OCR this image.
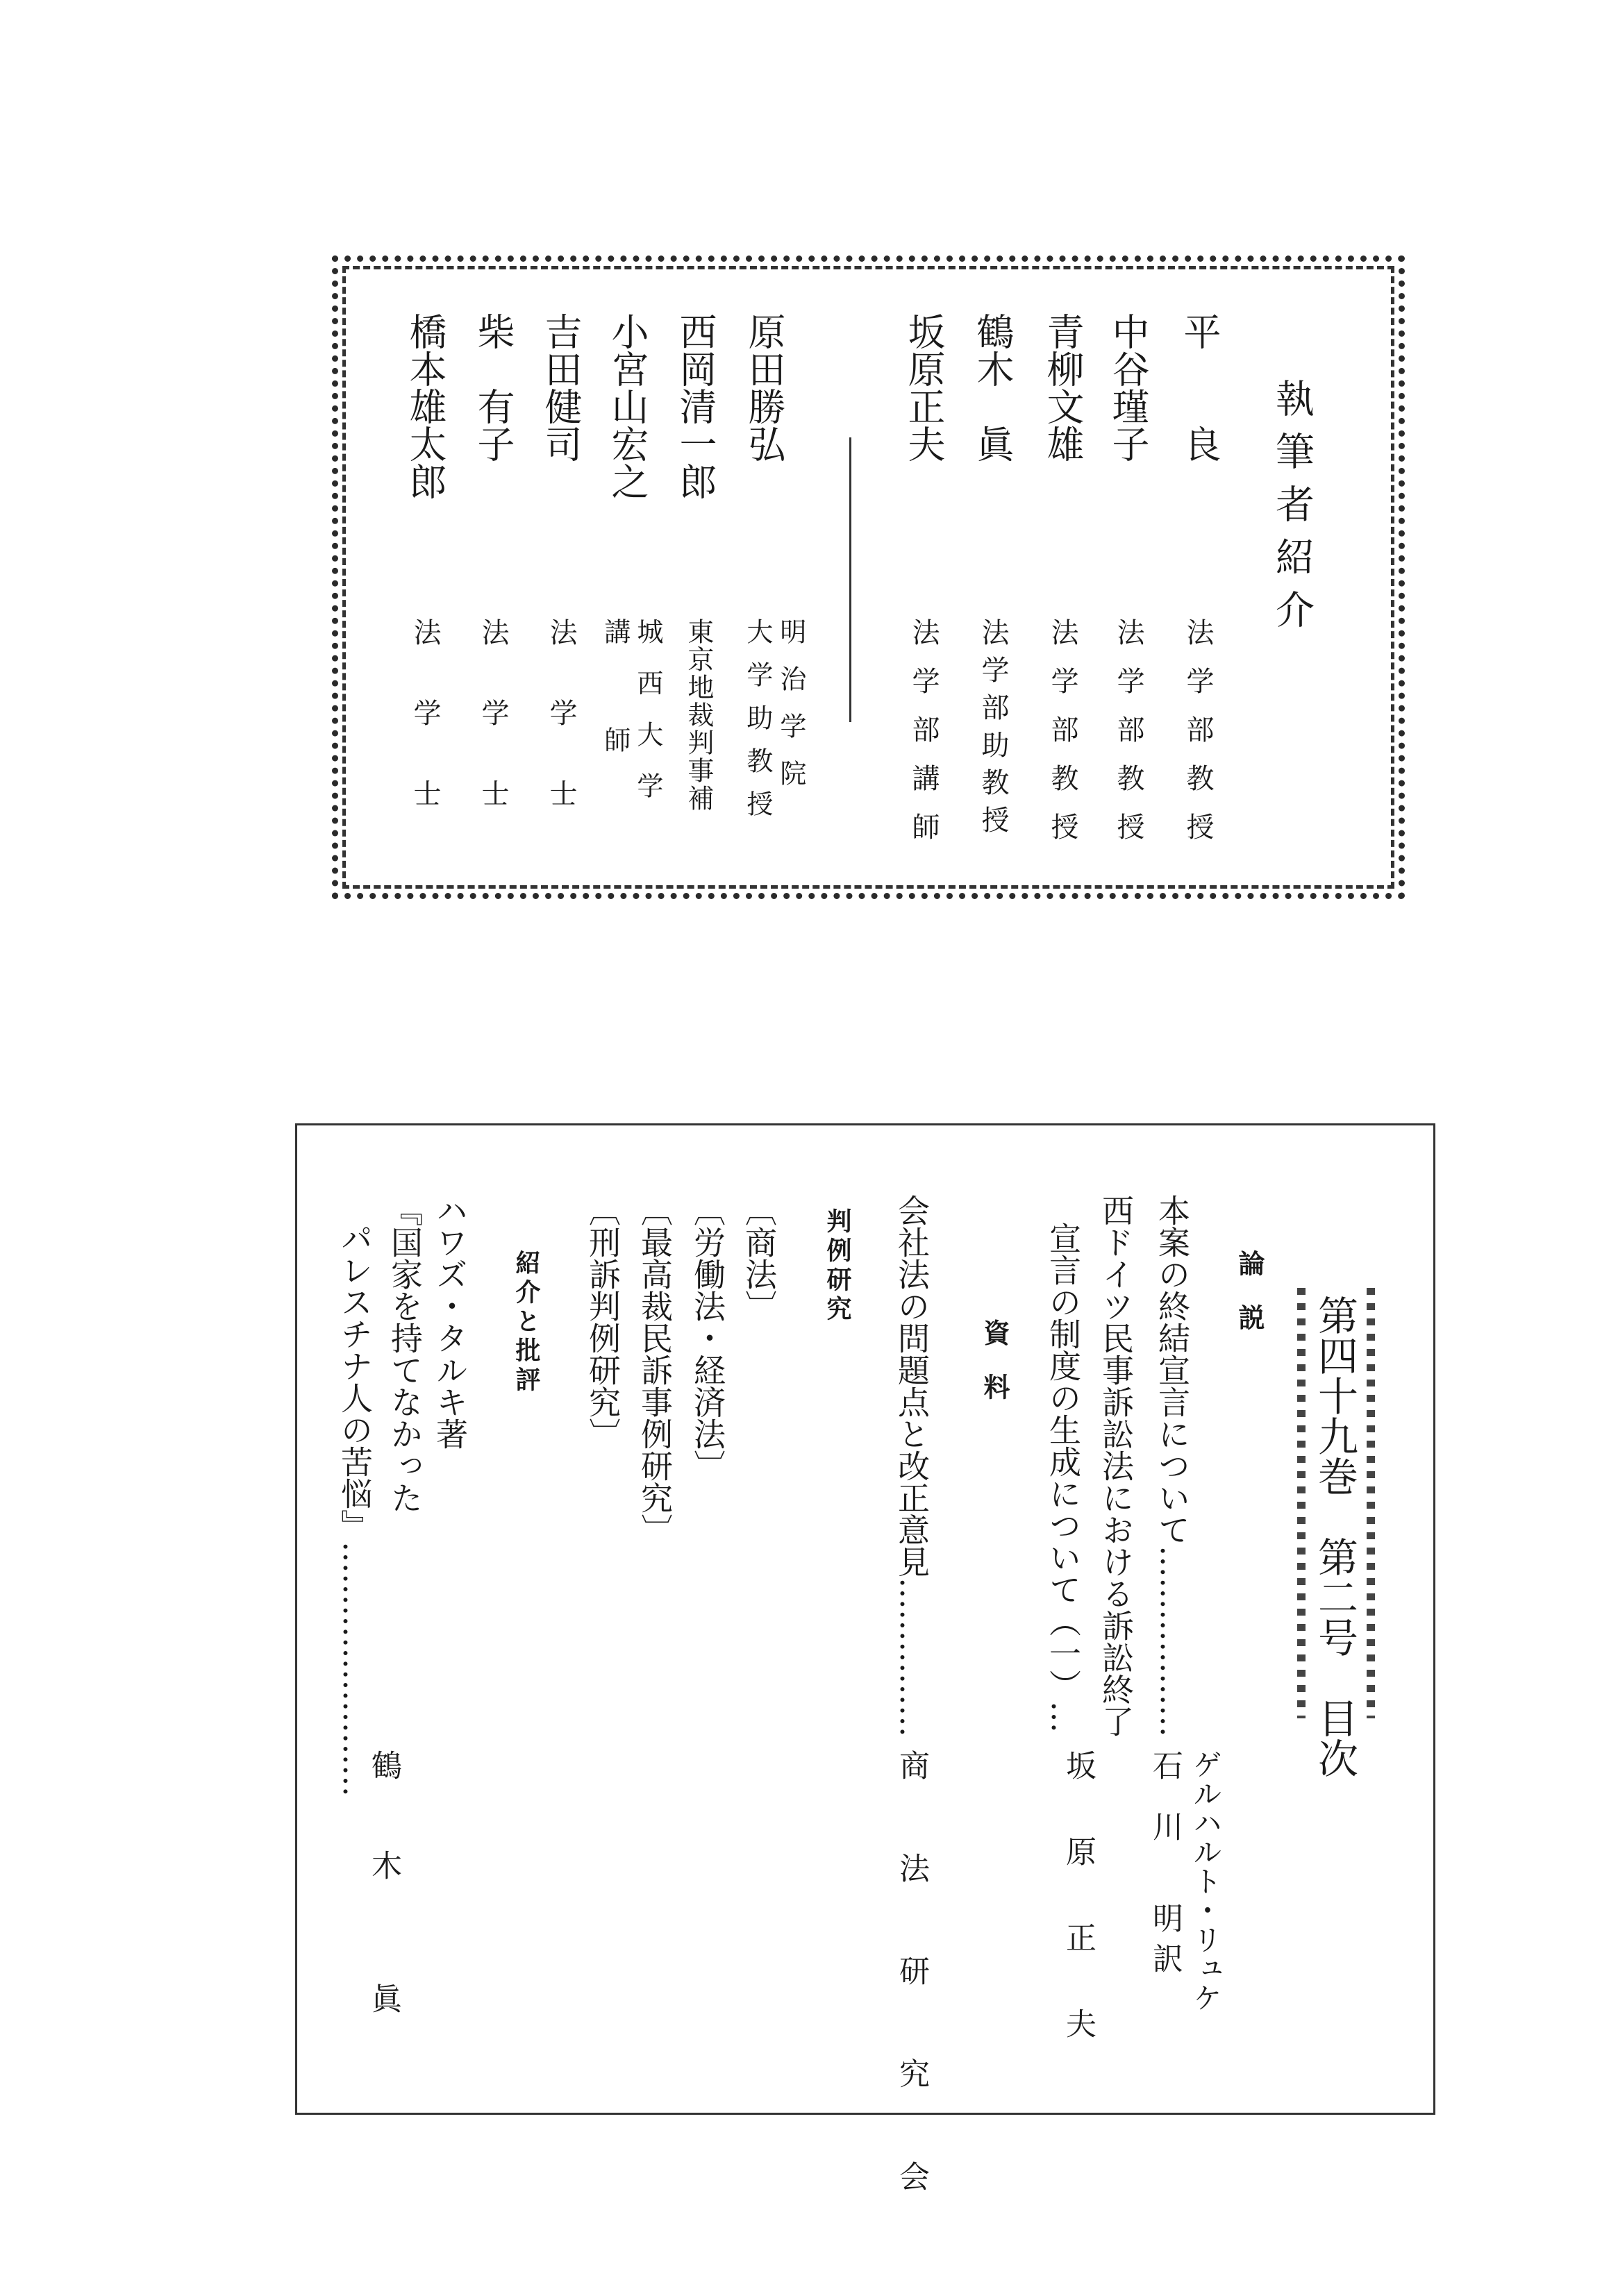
執筆者紹介
平　　良
中谷瑾子
青柳文雄
鶴木　眞
坂原正夫
原田勝弘
西岡清一郎
小宮山宏之
吉田健司
柴　有子
橋本雄太郎
法学部教授
法学部教授
法学部教授
法学部助教授
法学部講師
明治学院
大学助教授
東京地裁判事補
城西大学
講　　師
法　学　士
法　学　士
法　学　士
第四十九巻　第二号　目次
論説
本案の終結宣言について………………
ゲルハルト・リュケ
石　川　　明 訳
資料	西ドイツ民事訴訟法における訴訟終了
宣言の制度の生成について（一）…
坂　原　正　夫
判例研究 会社法の問題点と改正意見……………
商　法　研　究　会
〔商法〕
〔労働法・経済法〕
〔最高裁民訴事例研究〕
〔刑訴判例研究〕
紹介と批評
ハワズ・タルキ著
『国家を持てなかった
パレスチナ人の苦悩』……………………
鶴　　木　　　眞
